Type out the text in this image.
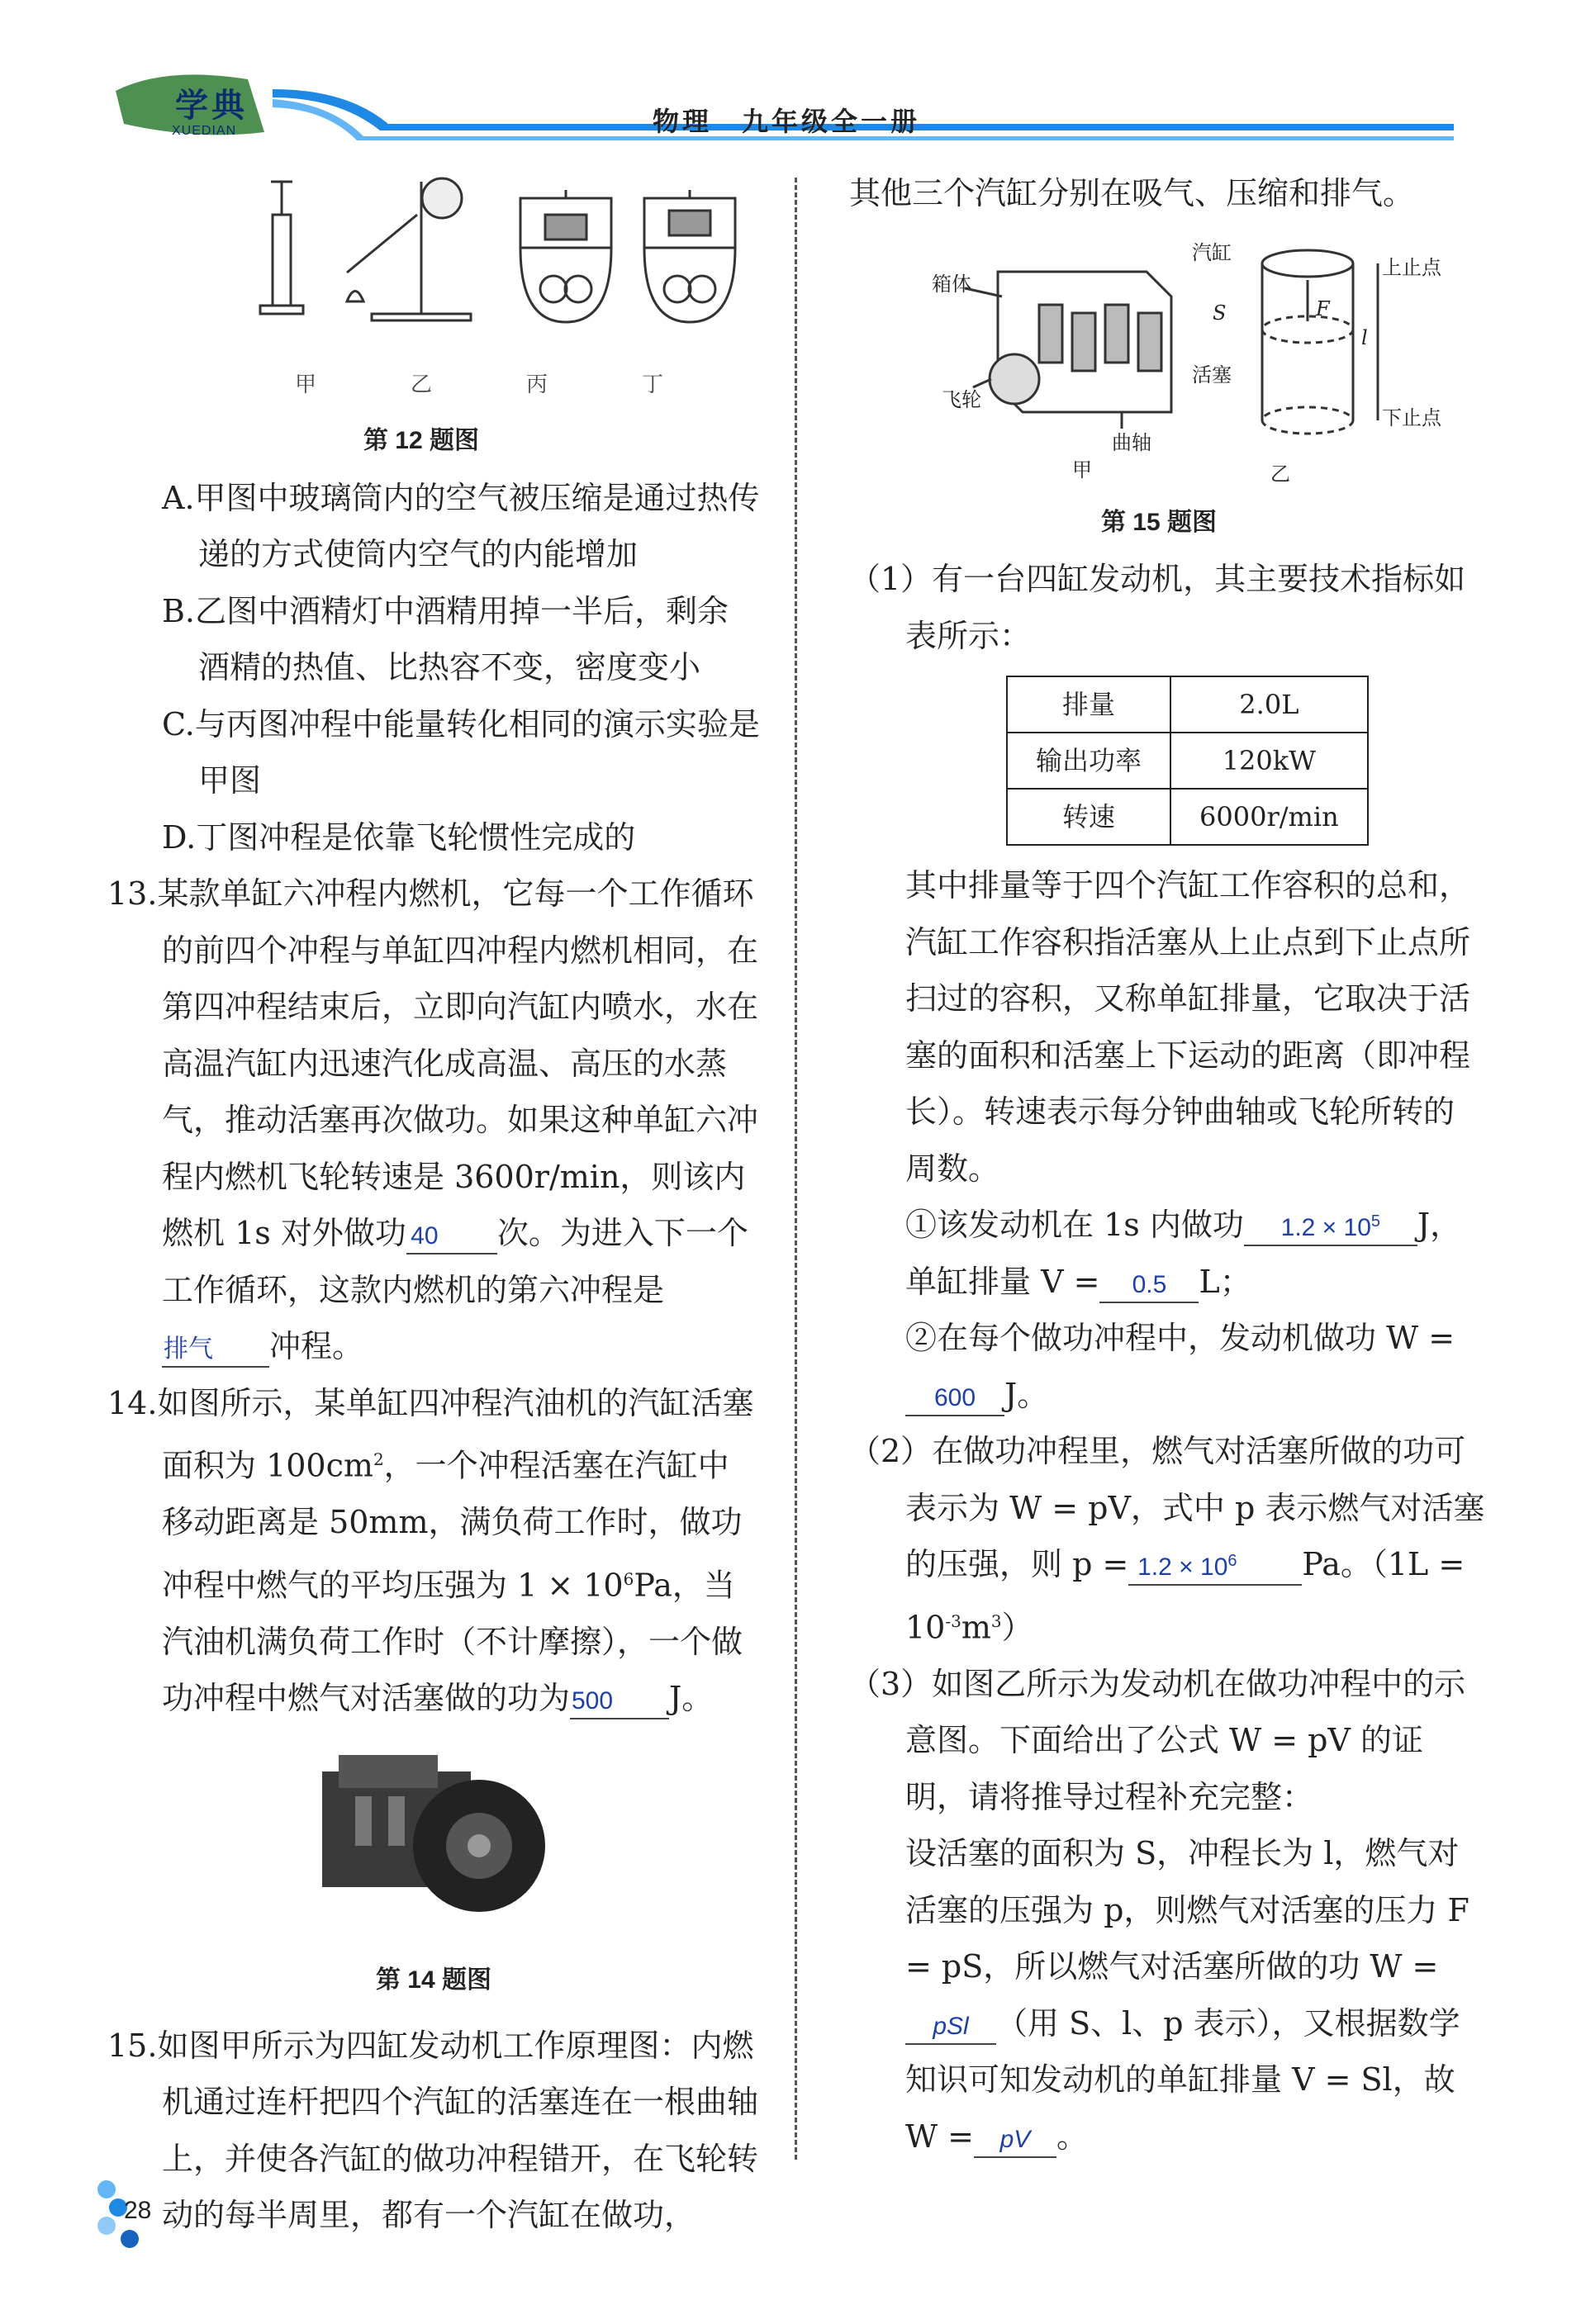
学典
XUEDIAN	物理　九年级全一册
甲	乙	丙	丁
第 12 题图

A.甲图中玻璃筒内的空气被压缩是通过热传递的方式使筒内空气的内能增加

B.乙图中酒精灯中酒精用掉一半后，剩余酒精的热值、比热容不变，密度变小

C.与丙图冲程中能量转化相同的演示实验是甲图

D.丁图冲程是依靠飞轮惯性完成的

13.某款单缸六冲程内燃机，它每一个工作循环的前四个冲程与单缸四冲程内燃机相同，在第四冲程结束后，立即向汽缸内喷水，水在高温汽缸内迅速汽化成高温、高压的水蒸气，推动活塞再次做功。如果这种单缸六冲程内燃机飞轮转速是 3600r/min，则该内燃机 1s 对外做功 40 次。为进入下一个工作循环，这款内燃机的第六冲程是排气 冲程。

14.如图所示，某单缸四冲程汽油机的汽缸活塞面积为 $100cm^2$，一个冲程活塞在汽缸中移动距离是 50mm，满负荷工作时，做功冲程中燃气的平均压强为 $1 \times 10^6Pa$，当汽油机满负荷工作时（不计摩擦），一个做功冲程中燃气对活塞做的功为500 J。

第 14 题图

15.如图甲所示为四缸发动机工作原理图：内燃机通过连杆把四个汽缸的活塞连在一根曲轴上，并使各汽缸的做功冲程错开，在飞轮转动的每半周里，都有一个汽缸在做功，

其他三个汽缸分别在吸气、压缩和排气。

箱体
飞轮
曲轴
汽缸
上止点
S	F
l
活塞
下止点
甲	乙
第 15 题图

（1）有一台四缸发动机，其主要技术指标如表所示：

排量	2.0L
输出功率	120kW
转速	6000r/min

其中排量等于四个汽缸工作容积的总和，汽缸工作容积指活塞从上止点到下止点所扫过的容积，又称单缸排量，它取决于活塞的面积和活塞上下运动的距离（即冲程长）。转速表示每分钟曲轴或飞轮所转的周数。

①该发动机在 1s 内做功 $1.2 \times 10^5$ J，
单缸排量 V = 0.5 L；

②在每个做功冲程中，发动机做功 W =
600 J。

（2）在做功冲程里，燃气对活塞所做的功可表示为 W = pV，式中 p 表示燃气对活塞的压强，则 $p = 1.2 \times 10^6$ Pa。$(1L = 10^{-3}m^3)$

（3）如图乙所示为发动机在做功冲程中的示意图。下面给出了公式 W = pV 的证明，请将推导过程补充完整：

设活塞的面积为 S，冲程长为 l，燃气对活塞的压强为 p，则燃气对活塞的压力 F = pS，所以燃气对活塞所做的功 W =pSl （用 S、l、p 表示），又根据数学知识可知发动机的单缸排量 V = Sl，故 W = pV 。

28
